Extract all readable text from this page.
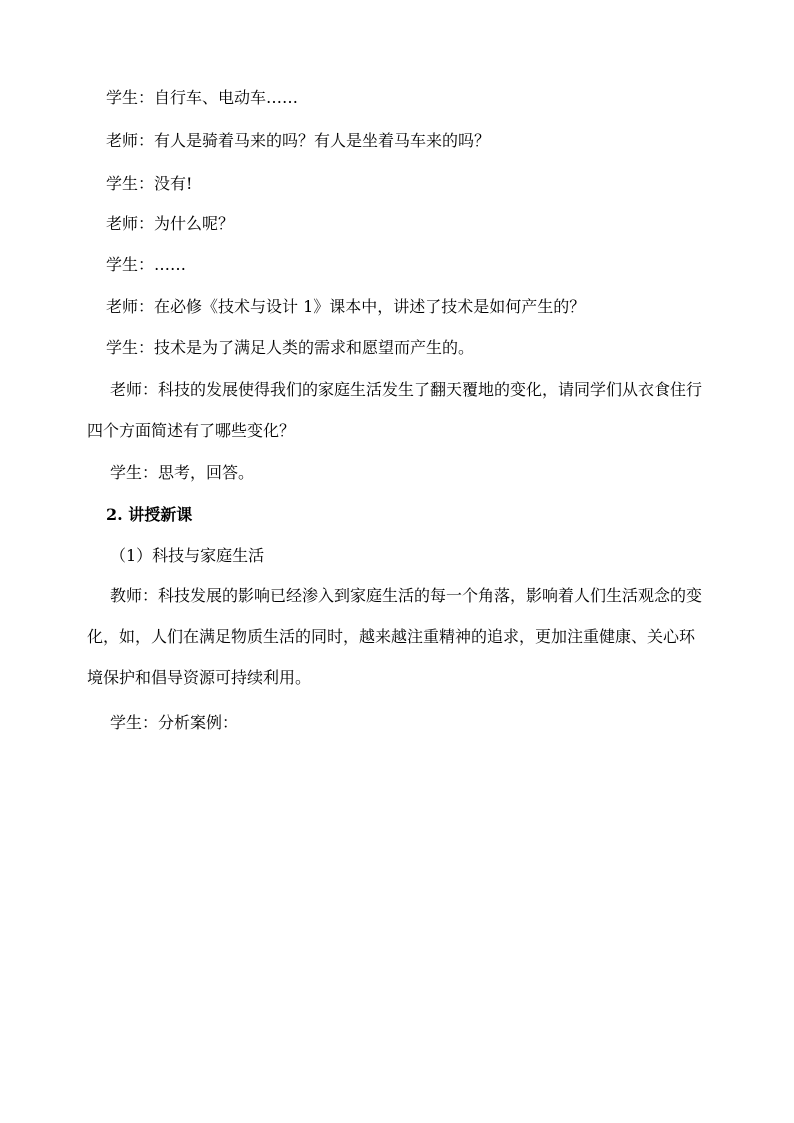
学生：自行车、电动车……
老师：有人是骑着马来的吗？有人是坐着马车来的吗？
学生：没有!
老师：为什么呢？
学生：……
老师：在必修《技术与设计 1》课本中，讲述了技术是如何产生的？
学生：技术是为了满足人类的需求和愿望而产生的。
老师：科技的发展使得我们的家庭生活发生了翻天覆地的变化，请同学们从衣食住行四个方面简述有了哪些变化？
学生：思考，回答。
2. 讲授新课
（1）科技与家庭生活
教师：科技发展的影响已经渗入到家庭生活的每一个角落，影响着人们生活观念的变化，如，人们在满足物质生活的同时，越来越注重精神的追求，更加注重健康、关心环境保护和倡导资源可持续利用。
学生：分析案例：
